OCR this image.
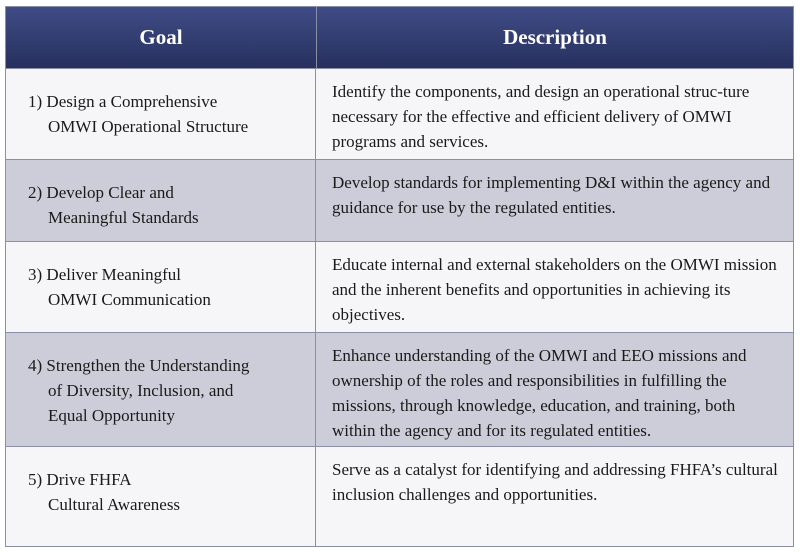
Goal	Description
1) Design a Comprehensive
OMWI Operational Structure
Identify the components, and design an operational struc-ture necessary for the effective and efficient delivery of OMWI programs and services.
2) Develop Clear and
Meaningful Standards
Develop standards for implementing D&I within the agency and guidance for use by the regulated entities.
3) Deliver Meaningful
OMWI Communication
Educate internal and external stakeholders on the OMWI mission and the inherent benefits and opportunities in achieving its objectives.
4) Strengthen the Understanding
of Diversity, Inclusion, and
Equal Opportunity
Enhance understanding of the OMWI and EEO missions and ownership of the roles and responsibilities in fulfilling the missions, through knowledge, education, and training, both within the agency and for its regulated entities.
5) Drive FHFA
Cultural Awareness
Serve as a catalyst for identifying and addressing FHFA’s cultural inclusion challenges and opportunities.
